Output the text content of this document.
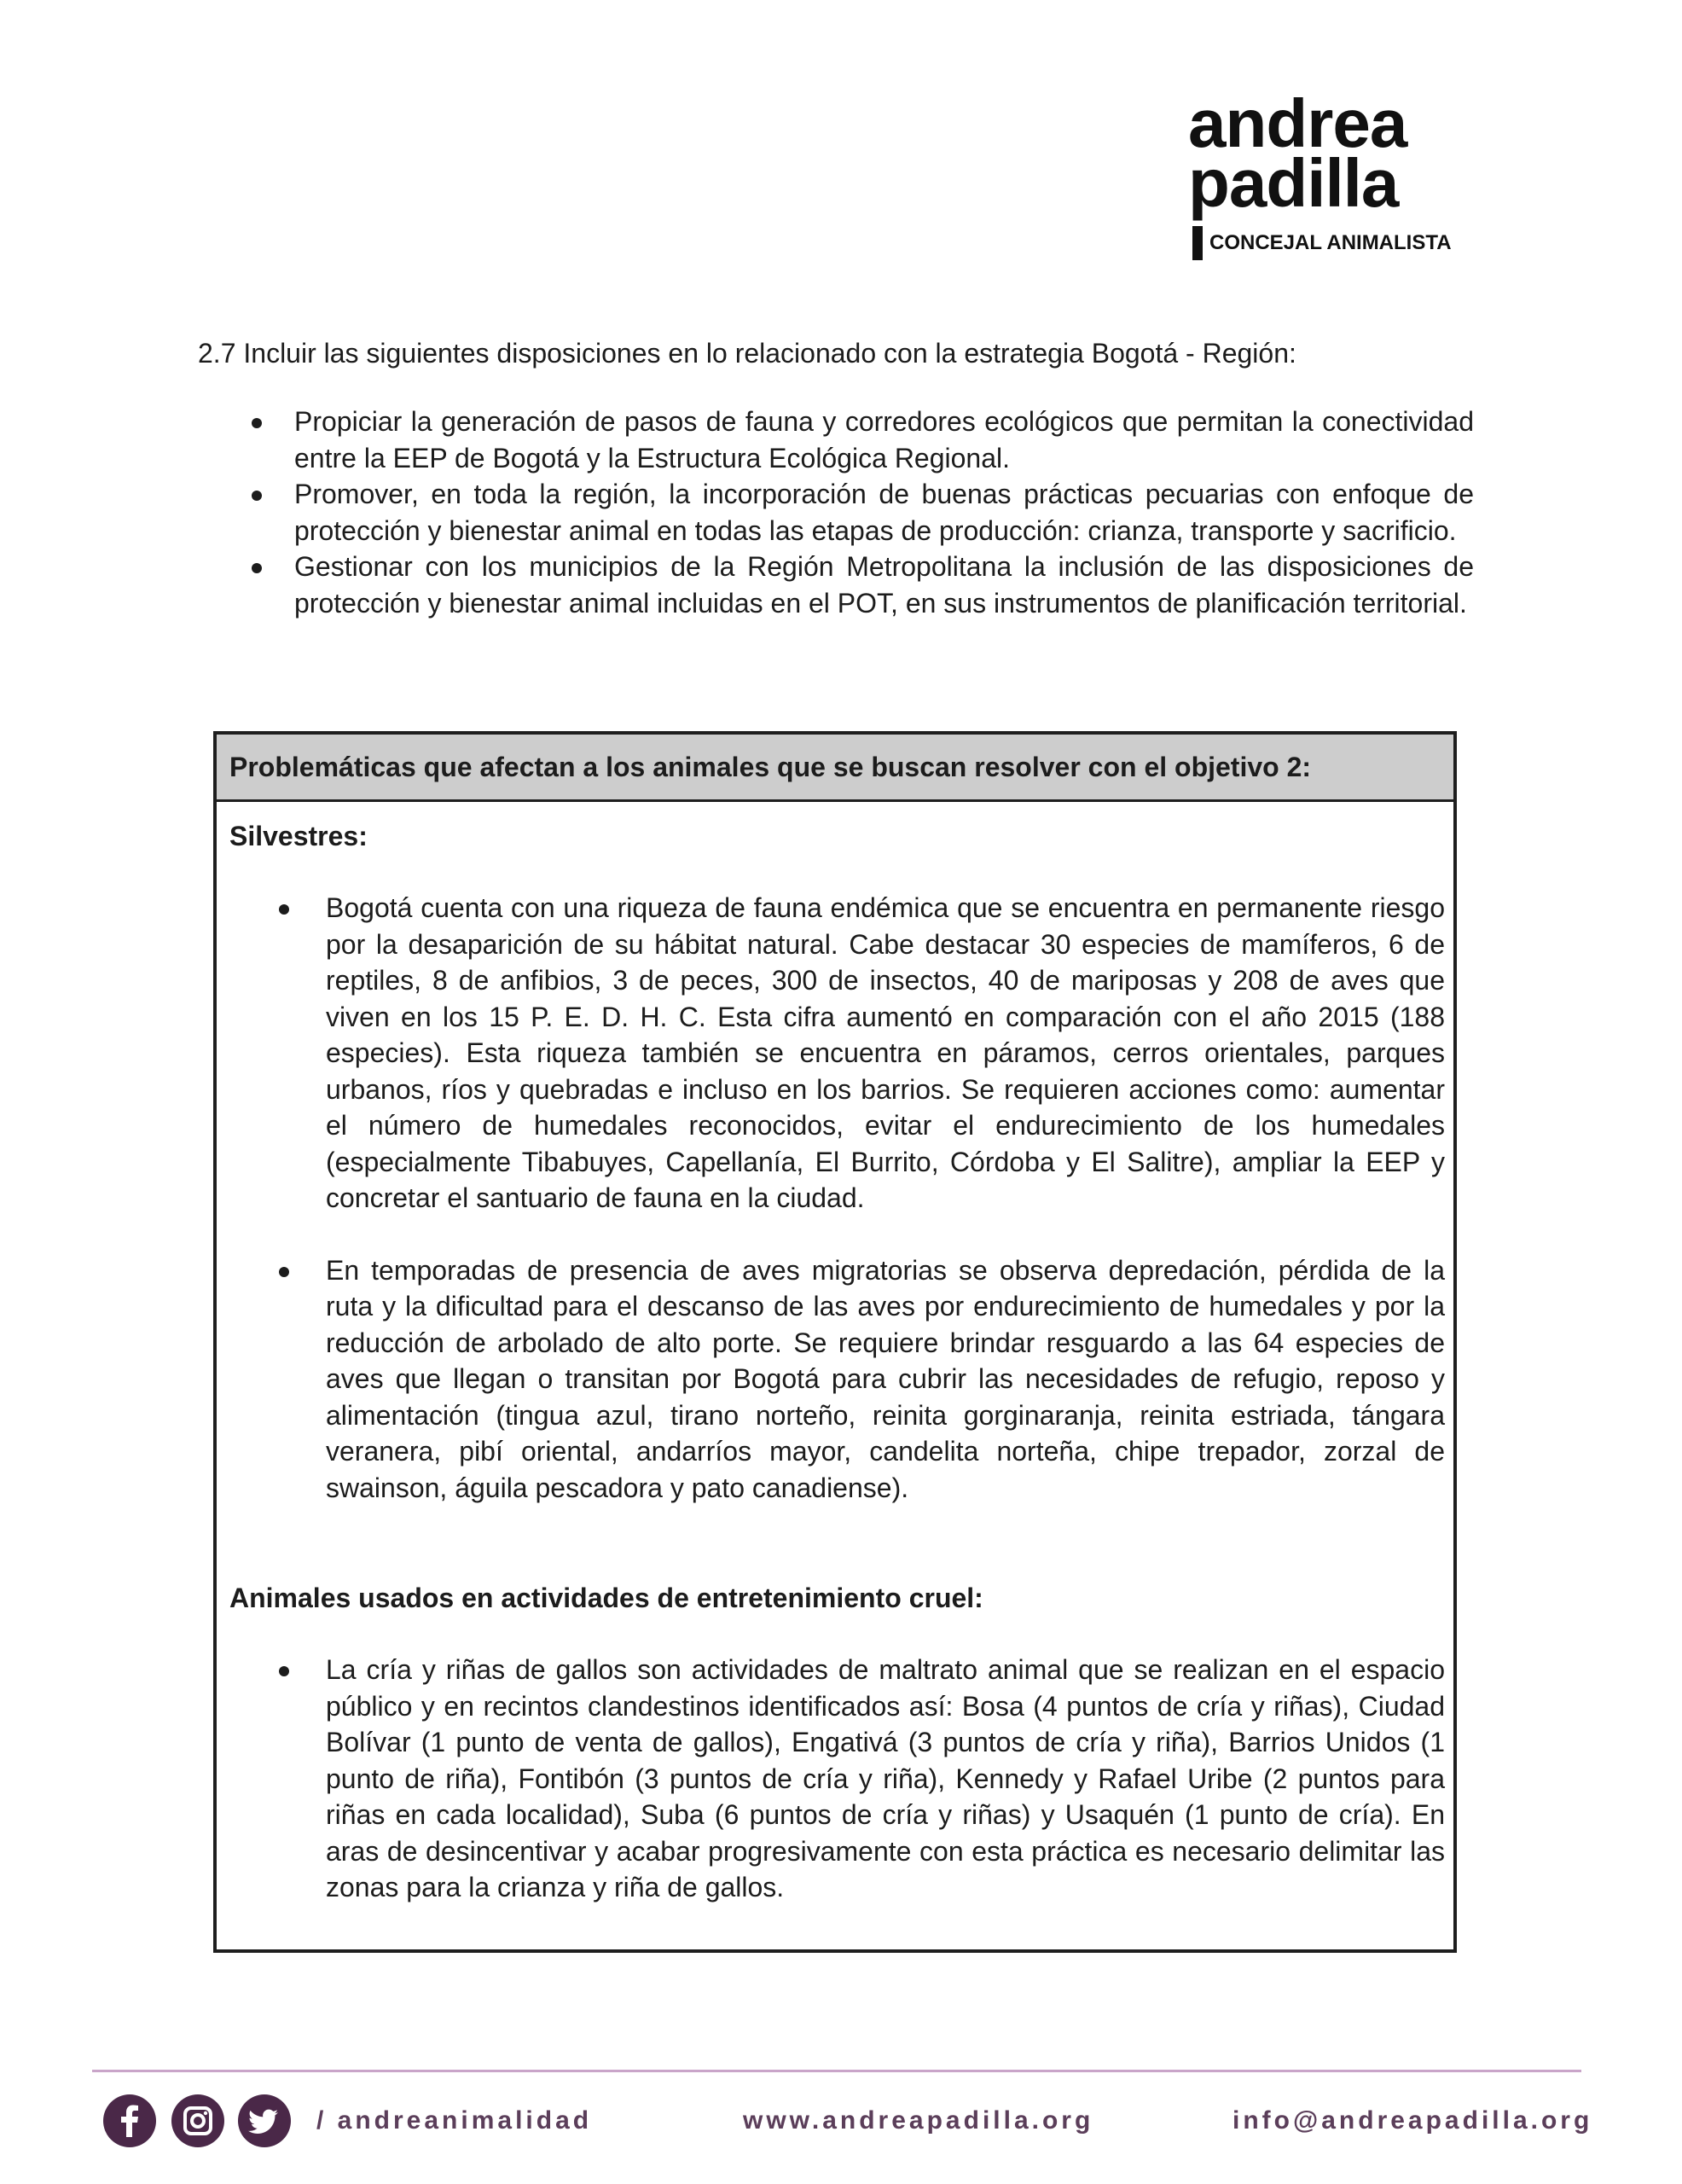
andrea
padilla
CONCEJAL ANIMALISTA

2.7 Incluir las siguientes disposiciones en lo relacionado con la estrategia Bogotá - Región:

Propiciar la generación de pasos de fauna y corredores ecológicos que permitan la conectividad entre la EEP de Bogotá y la Estructura Ecológica Regional.
Promover, en toda la región, la incorporación de buenas prácticas pecuarias con enfoque de protección y bienestar animal en todas las etapas de producción: crianza, transporte y sacrificio.
Gestionar con los municipios de la Región Metropolitana la inclusión de las disposiciones de protección y bienestar animal incluidas en el POT, en sus instrumentos de planificación territorial.
Problemáticas que afectan a los animales que se buscan resolver con el objetivo 2:
Silvestres:
Bogotá cuenta con una riqueza de fauna endémica que se encuentra en permanente riesgo por la desaparición de su hábitat natural. Cabe destacar 30 especies de mamíferos, 6 de reptiles, 8 de anfibios, 3 de peces, 300 de insectos, 40 de mariposas y 208 de aves que viven en los 15 P. E. D. H. C. Esta cifra aumentó en comparación con el año 2015 (188 especies). Esta riqueza también se encuentra en páramos, cerros orientales, parques urbanos, ríos y quebradas e incluso en los barrios. Se requieren acciones como: aumentar el número de humedales reconocidos, evitar el endurecimiento de los humedales (especialmente Tibabuyes, Capellanía, El Burrito, Córdoba y El Salitre), ampliar la EEP y concretar el santuario de fauna en la ciudad.
En temporadas de presencia de aves migratorias se observa depredación, pérdida de la ruta y la dificultad para el descanso de las aves por endurecimiento de humedales y por la reducción de arbolado de alto porte. Se requiere brindar resguardo a las 64 especies de aves que llegan o transitan por Bogotá para cubrir las necesidades de refugio, reposo y alimentación (tingua azul, tirano norteño, reinita gorginaranja, reinita estriada, tángara veranera, pibí oriental, andarríos mayor, candelita norteña, chipe trepador, zorzal de swainson, águila pescadora y pato canadiense).
Animales usados en actividades de entretenimiento cruel:
La cría y riñas de gallos son actividades de maltrato animal que se realizan en el espacio público y en recintos clandestinos identificados así: Bosa (4 puntos de cría y riñas), Ciudad Bolívar (1 punto de venta de gallos), Engativá (3 puntos de cría y riña), Barrios Unidos (1 punto de riña), Fontibón (3 puntos de cría y riña), Kennedy y Rafael Uribe (2 puntos para riñas en cada localidad), Suba (6 puntos de cría y riñas) y Usaquén (1 punto de cría). En aras de desincentivar y acabar progresivamente con esta práctica es necesario delimitar las zonas para la crianza y riña de gallos.
/ andreanimalidad	www.andreapadilla.org	info@andreapadilla.org
